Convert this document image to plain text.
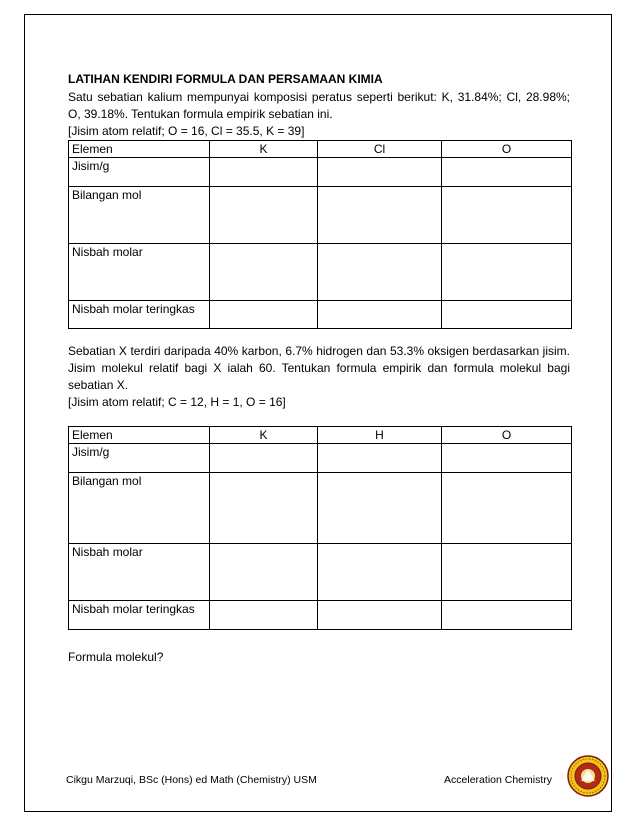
LATIHAN KENDIRI FORMULA DAN PERSAMAAN KIMIA

Satu sebatian kalium mempunyai komposisi peratus seperti berikut: K, 31.84%; Cl, 28.98%; O, 39.18%. Tentukan formula empirik sebatian ini.

[Jisim atom relatif; O = 16, Cl = 35.5, K = 39]

Elemen	K	Cl	O
Jisim/g			
Bilangan mol			
Nisbah molar			
Nisbah molar teringkas			

Sebatian X terdiri daripada 40% karbon, 6.7% hidrogen dan 53.3% oksigen berdasarkan jisim. Jisim molekul relatif bagi X ialah 60. Tentukan formula empirik dan formula molekul bagi sebatian X.

[Jisim atom relatif; C = 12, H = 1, O = 16]

Elemen	K	H	O
Jisim/g			
Bilangan mol			
Nisbah molar			
Nisbah molar teringkas			

Formula molekul?

Cikgu Marzuqi, BSc (Hons) ed Math (Chemistry) USM	Acceleration Chemistry
